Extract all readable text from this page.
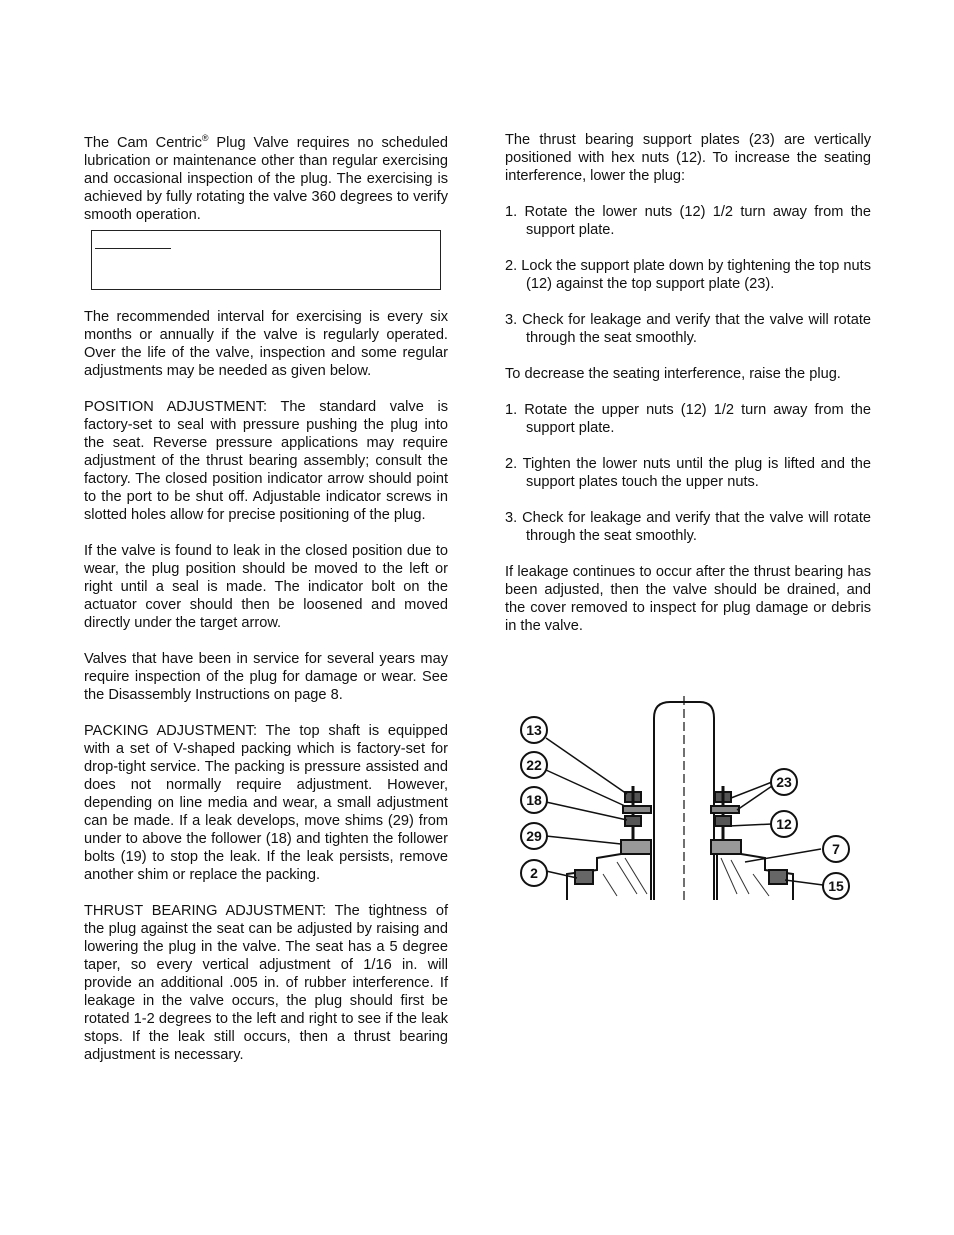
The Cam Centric® Plug Valve requires no scheduled lubrication or maintenance other than regular exercising and occasional inspection of the plug. The exercising is achieved by fully rotating the valve 360 degrees to verify smooth operation.

The recommended interval for exercising is every six months or annually if the valve is regularly operated. Over the life of the valve, inspection and some regular adjustments may be needed as given below.

POSITION ADJUSTMENT: The standard valve is factory-set to seal with pressure pushing the plug into the seat. Reverse pressure applications may require adjustment of the thrust bearing assembly; consult the factory. The closed position indicator arrow should point to the port to be shut off. Adjustable indicator screws in slotted holes allow for precise positioning of the plug.

If the valve is found to leak in the closed position due to wear, the plug position should be moved to the left or right until a seal is made. The indicator bolt on the actuator cover should then be loosened and moved directly under the target arrow.

Valves that have been in service for several years may require inspection of the plug for damage or wear. See the Disassembly Instructions on page 8.

PACKING ADJUSTMENT: The top shaft is equipped with a set of V-shaped packing which is factory-set for drop-tight service. The packing is pressure assisted and does not normally require adjustment. However, depending on line media and wear, a small adjustment can be made. If a leak develops, move shims (29) from under to above the follower (18) and tighten the follower bolts (19) to stop the leak. If the leak persists, remove another shim or replace the packing.

THRUST BEARING ADJUSTMENT: The tightness of the plug against the seat can be adjusted by raising and lowering the plug in the valve. The seat has a 5 degree taper, so every vertical adjustment of 1/16 in. will provide an additional .005 in. of rubber interference. If leakage in the valve occurs, the plug should first be rotated 1-2 degrees to the left and right to see if the leak stops. If the leak still occurs, then a thrust bearing adjustment is necessary.

The thrust bearing support plates (23) are vertically positioned with hex nuts (12). To increase the seating interference, lower the plug:

1. Rotate the lower nuts (12) 1/2 turn away from the support plate.

2. Lock the support plate down by tightening the top nuts (12) against the top support plate (23).

3. Check for leakage and verify that the valve will rotate through the seat smoothly.

To decrease the seating interference, raise the plug.

1. Rotate the upper nuts (12) 1/2 turn away from the support plate.

2. Tighten the lower nuts until the plug is lifted and the support plates touch the upper nuts.

3. Check for leakage and verify that the valve will rotate through the seat smoothly.

If leakage continues to occur after the thrust bearing has been adjusted, then the valve should be drained, and the cover removed to inspect for plug damage or debris in the valve.

13
22
18
29
2
23
12
7
15
